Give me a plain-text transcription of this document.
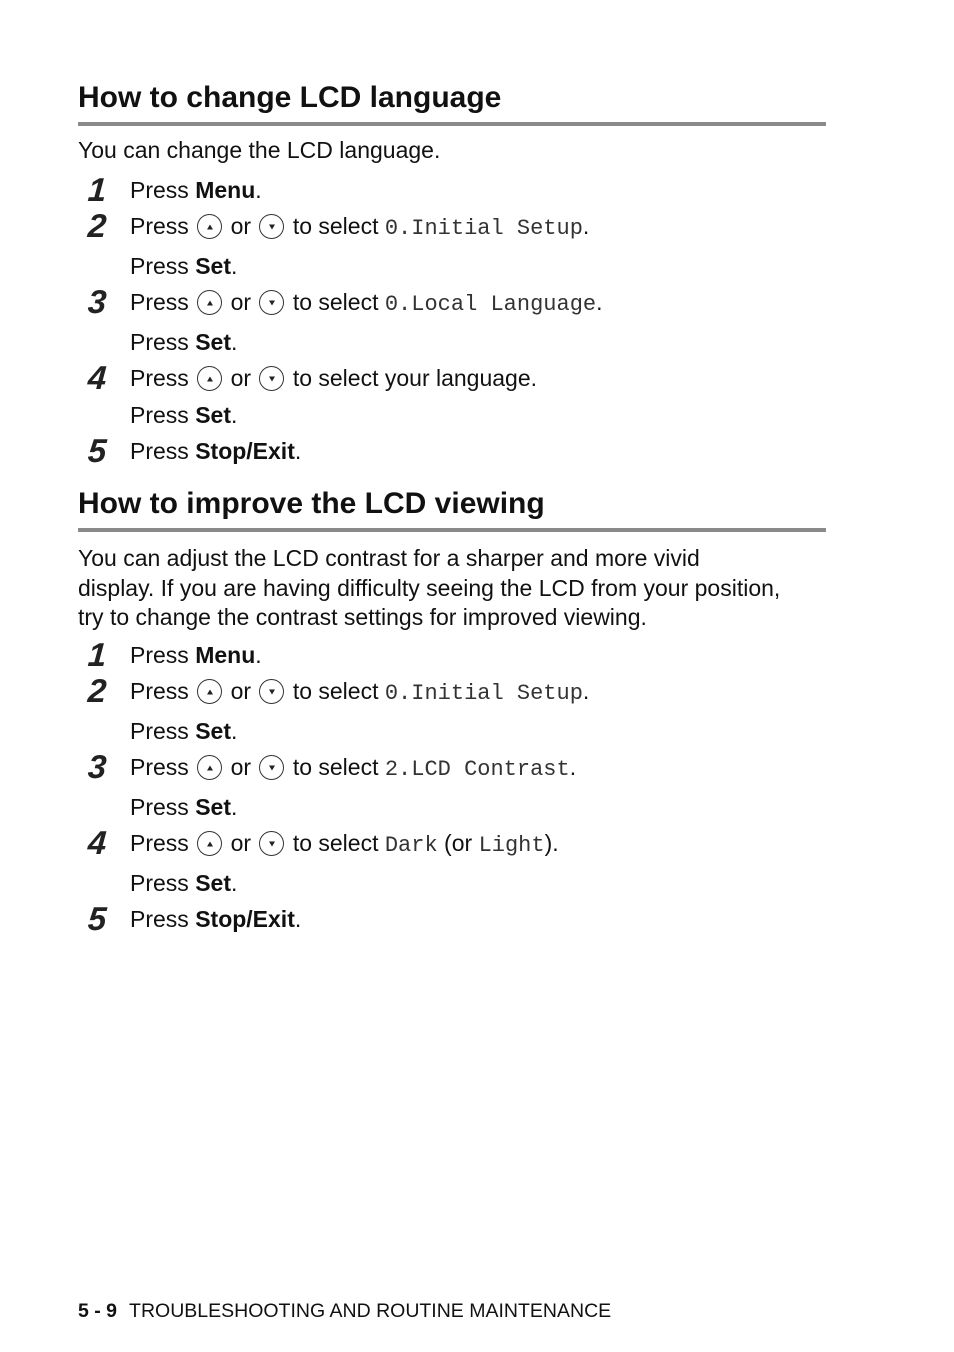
How to change LCD language

You can change the LCD language.

1 Press Menu.
2 Press or to select 0.Initial Setup.
Press Set.
3 Press or to select 0.Local Language.
Press Set.
4 Press or to select your language.
Press Set.
5 Press Stop/Exit.
How to improve the LCD viewing
You can adjust the LCD contrast for a sharper and more vivid
display. If you are having difficulty seeing the LCD from your position,
try to change the contrast settings for improved viewing.
1 Press Menu.
2 Press or to select 0.Initial Setup.
Press Set.
3 Press or to select 2.LCD Contrast.
Press Set.
4 Press or to select Dark (or Light).
Press Set.
5 Press Stop/Exit.
5 - 9 TROUBLESHOOTING AND ROUTINE MAINTENANCE
